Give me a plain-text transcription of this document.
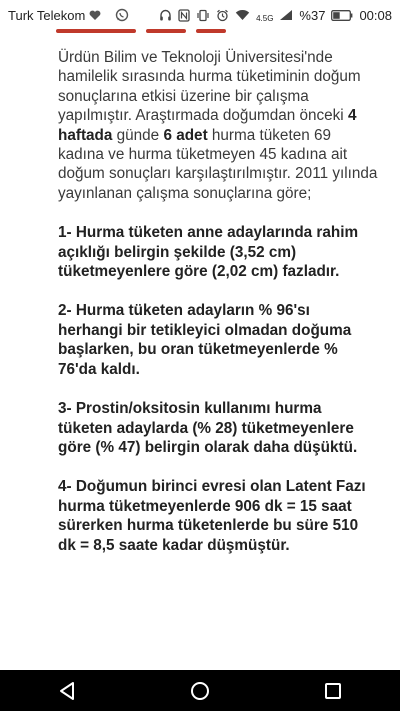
Turk Telekom	4.5G %37	00:08
Ürdün Bilim ve Teknoloji Üniversitesi'nde hamilelik sırasında hurma tüketiminin doğum sonuçlarına etkisi üzerine bir çalışma yapılmıştır. Araştırmada doğumdan önceki 4 haftada günde 6 adet hurma tüketen 69 kadına ve hurma tüketmeyen 45 kadına ait doğum sonuçları karşılaştırılmıştır. 2011 yılında yayınlanan çalışma sonuçlarına göre;
1- Hurma tüketen anne adaylarında rahim açıklığı belirgin şekilde (3,52 cm) tüketmeyenlere göre (2,02 cm) fazladır.
2- Hurma tüketen adayların % 96'sı herhangi bir tetikleyici olmadan doğuma başlarken, bu oran tüketmeyenlerde % 76'da kaldı.
3- Prostin/oksitosin kullanımı hurma tüketen adaylarda (% 28) tüketmeyenlere göre (% 47) belirgin olarak daha düşüktü.
4- Doğumun birinci evresi olan Latent Fazı hurma tüketmeyenlerde 906 dk = 15 saat sürerken hurma tüketenlerde bu süre 510 dk = 8,5 saate kadar düşmüştür.
